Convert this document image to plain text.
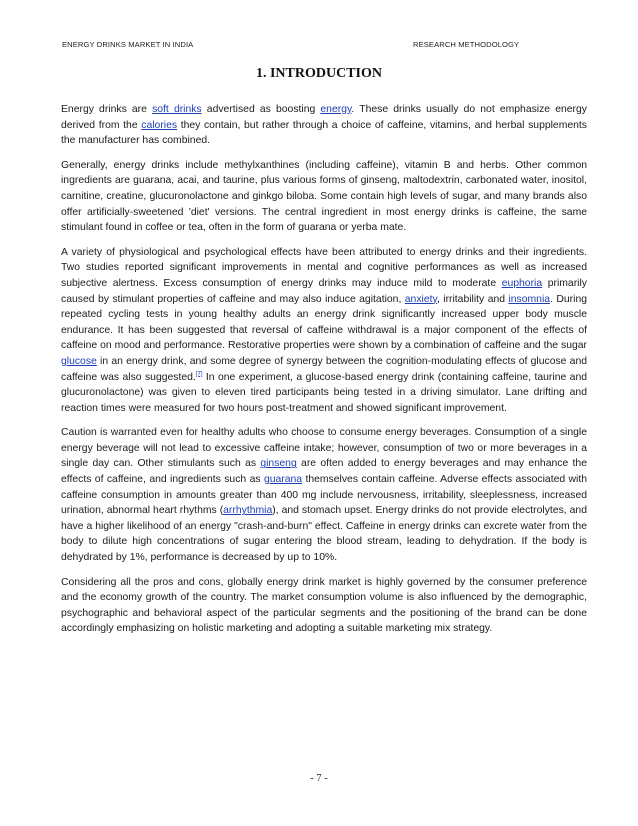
ENERGY DRINKS MARKET IN INDIA	RESEARCH METHODOLOGY
1. INTRODUCTION

Energy drinks are soft drinks advertised as boosting energy. These drinks usually do not emphasize energy derived from the calories they contain, but rather through a choice of caffeine, vitamins, and herbal supplements the manufacturer has combined.

Generally, energy drinks include methylxanthines (including caffeine), vitamin B and herbs. Other common ingredients are guarana, acai, and taurine, plus various forms of ginseng, maltodextrin, carbonated water, inositol, carnitine, creatine, glucuronolactone and ginkgo biloba. Some contain high levels of sugar, and many brands also offer artificially-sweetened 'diet' versions. The central ingredient in most energy drinks is caffeine, the same stimulant found in coffee or tea, often in the form of guarana or yerba mate.

A variety of physiological and psychological effects have been attributed to energy drinks and their ingredients. Two studies reported significant improvements in mental and cognitive performances as well as increased subjective alertness. Excess consumption of energy drinks may induce mild to moderate euphoria primarily caused by stimulant properties of caffeine and may also induce agitation, anxiety, irritability and insomnia. During repeated cycling tests in young healthy adults an energy drink significantly increased upper body muscle endurance. It has been suggested that reversal of caffeine withdrawal is a major component of the effects of caffeine on mood and performance. Restorative properties were shown by a combination of caffeine and the sugar glucose in an energy drink, and some degree of synergy between the cognition-modulating effects of glucose and caffeine was also suggested.[7] In one experiment, a glucose-based energy drink (containing caffeine, taurine and glucuronolactone) was given to eleven tired participants being tested in a driving simulator. Lane drifting and reaction times were measured for two hours post-treatment and showed significant improvement.

Caution is warranted even for healthy adults who choose to consume energy beverages. Consumption of a single energy beverage will not lead to excessive caffeine intake; however, consumption of two or more beverages in a single day can. Other stimulants such as ginseng are often added to energy beverages and may enhance the effects of caffeine, and ingredients such as guarana themselves contain caffeine. Adverse effects associated with caffeine consumption in amounts greater than 400 mg include nervousness, irritability, sleeplessness, increased urination, abnormal heart rhythms (arrhythmia), and stomach upset. Energy drinks do not provide electrolytes, and have a higher likelihood of an energy "crash-and-burn" effect. Caffeine in energy drinks can excrete water from the body to dilute high concentrations of sugar entering the blood stream, leading to dehydration. If the body is dehydrated by 1%, performance is decreased by up to 10%.

Considering all the pros and cons, globally energy drink market is highly governed by the consumer preference and the economy growth of the country. The market consumption volume is also influenced by the demographic, psychographic and behavioral aspect of the particular segments and the positioning of the brand can be done accordingly emphasizing on holistic marketing and adopting a suitable marketing mix strategy.

- 7 -
